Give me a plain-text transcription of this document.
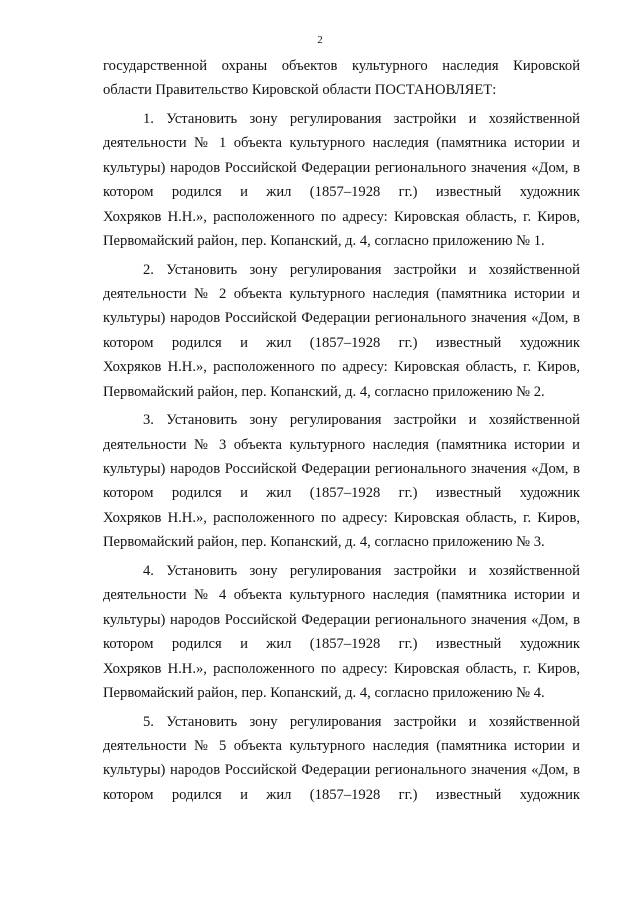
2
государственной охраны объектов культурного наследия Кировской
области Правительство Кировской области ПОСТАНОВЛЯЕТ:
1. Установить зону регулирования застройки и хозяйственной
деятельности № 1 объекта культурного наследия (памятника истории и
культуры) народов Российской Федерации регионального значения «Дом, в
котором родился и жил (1857–1928 гг.) известный художник
Хохряков Н.Н.», расположенного по адресу: Кировская область, г. Киров,
Первомайский район, пер. Копанский, д. 4, согласно приложению № 1.
2. Установить зону регулирования застройки и хозяйственной
деятельности № 2 объекта культурного наследия (памятника истории и
культуры) народов Российской Федерации регионального значения «Дом, в
котором родился и жил (1857–1928 гг.) известный художник
Хохряков Н.Н.», расположенного по адресу: Кировская область, г. Киров,
Первомайский район, пер. Копанский, д. 4, согласно приложению № 2.
3. Установить зону регулирования застройки и хозяйственной
деятельности № 3 объекта культурного наследия (памятника истории и
культуры) народов Российской Федерации регионального значения «Дом, в
котором родился и жил (1857–1928 гг.) известный художник
Хохряков Н.Н.», расположенного по адресу: Кировская область, г. Киров,
Первомайский район, пер. Копанский, д. 4, согласно приложению № 3.
4. Установить зону регулирования застройки и хозяйственной
деятельности № 4 объекта культурного наследия (памятника истории и
культуры) народов Российской Федерации регионального значения «Дом, в
котором родился и жил (1857–1928 гг.) известный художник
Хохряков Н.Н.», расположенного по адресу: Кировская область, г. Киров,
Первомайский район, пер. Копанский, д. 4, согласно приложению № 4.
5. Установить зону регулирования застройки и хозяйственной
деятельности № 5 объекта культурного наследия (памятника истории и
культуры) народов Российской Федерации регионального значения «Дом, в
котором родился и жил (1857–1928 гг.) известный художник
